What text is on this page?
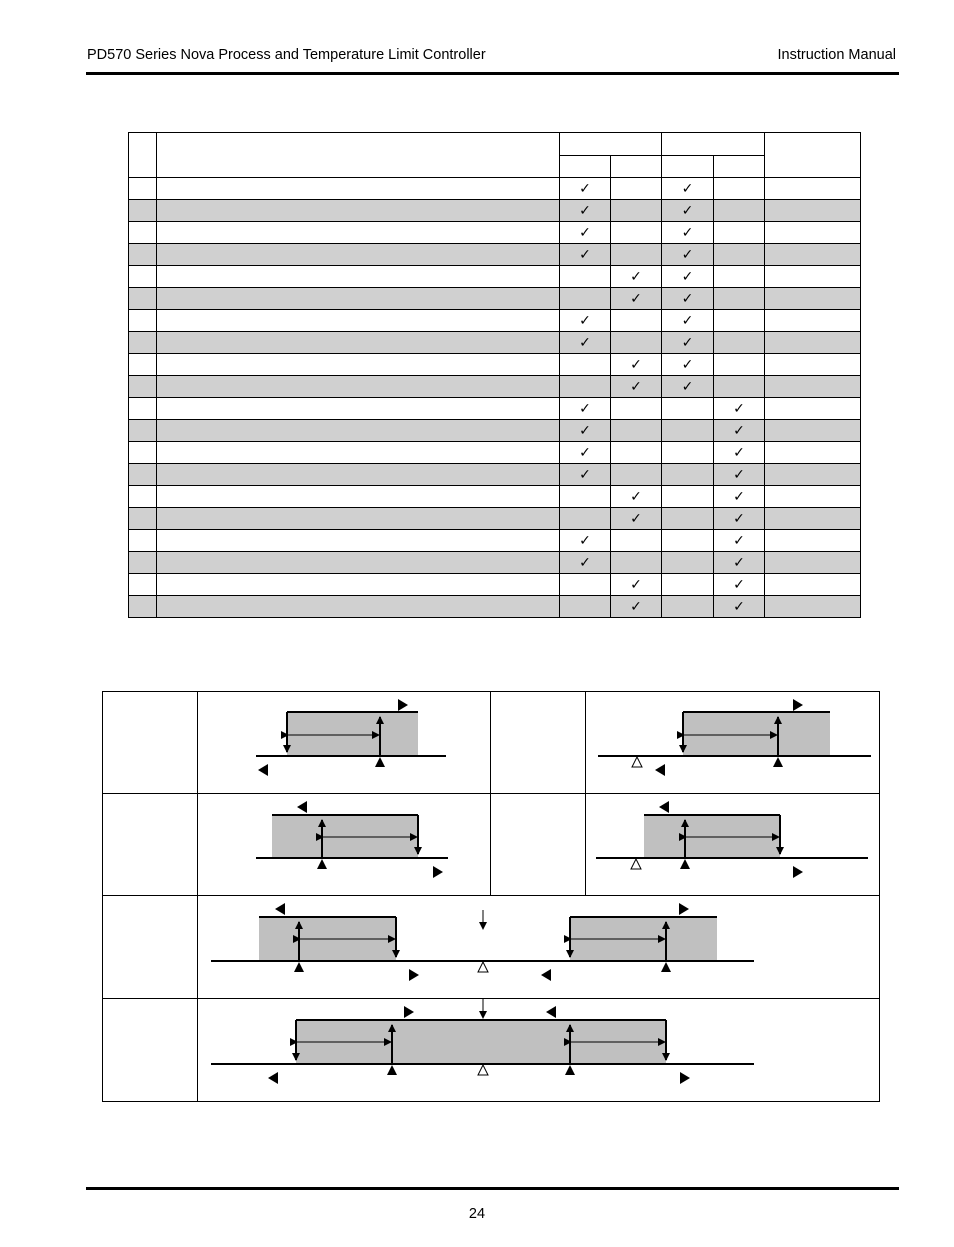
PD570 Series Nova Process and Temperature Limit Controller	Instruction Manual

		✓		✓		
		✓		✓		
		✓		✓		
		✓		✓		
			✓	✓		
			✓	✓		
		✓		✓		
		✓		✓		
			✓	✓		
			✓	✓		
		✓			✓	
		✓			✓	
		✓			✓	
		✓			✓	
			✓		✓	
			✓		✓	
		✓			✓	
		✓			✓	
			✓		✓	
			✓		✓	
24
